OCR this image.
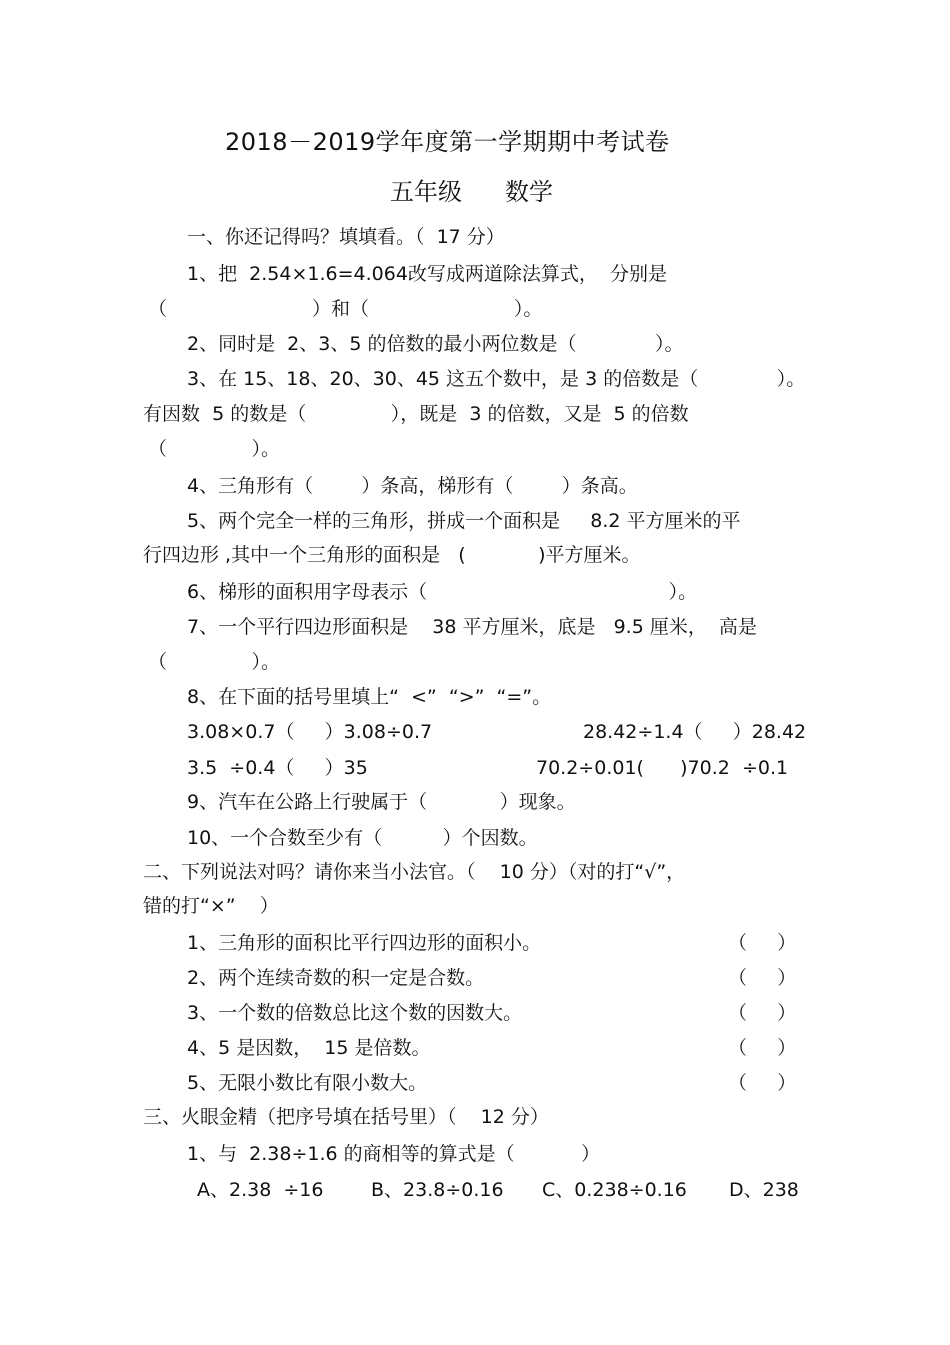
2018－2019学年度第一学期期中考试卷
五年级 数学
一、你还记得吗？填填看。（  17 分）
1、把  2.54×1.6=4.064改写成两道除法算式，  分别是
（                        ）和（                        ）。
2、同时是  2、3、5 的倍数的最小两位数是（             ）。
3、在 15、18、20、30、45 这五个数中，是 3 的倍数是（             ）。
有因数  5 的数是（              ），既是  3 的倍数，又是  5 的倍数
（              ）。
4、三角形有（        ）条高，梯形有（        ）条高。
5、两个完全一样的三角形，拼成一个面积是     8.2 平方厘米的平
行四边形 ,其中一个三角形的面积是   (            )平方厘米。
6、梯形的面积用字母表示（                                        ）。
7、一个平行四边形面积是    38 平方厘米，底是   9.5 厘米，  高是
（              ）。
8、在下面的括号里填上“  <”  “>”  “=”。
3.08×0.7（     ）3.08÷0.7	28.42÷1.4（     ）28.42
3.5  ÷0.4（     ）35	70.2÷0.01(      )70.2  ÷0.1
9、汽车在公路上行驶属于（            ）现象。
10、一个合数至少有（          ）个因数。
二、下列说法对吗？请你来当小法官。（    10 分）（对的打“√”，
错的打“×”    ）
1、三角形的面积比平行四边形的面积小。	（     ）
2、两个连续奇数的积一定是合数。	（     ）
3、一个数的倍数总比这个数的因数大。	（     ）
4、5 是因数，  15 是倍数。	（     ）
5、无限小数比有限小数大。	（     ）
三、火眼金精（把序号填在括号里）（    12 分）
1、与  2.38÷1.6 的商相等的算式是（           ）
A、2.38  ÷16	B、23.8÷0.16 C、0.238÷0.16 D、238
